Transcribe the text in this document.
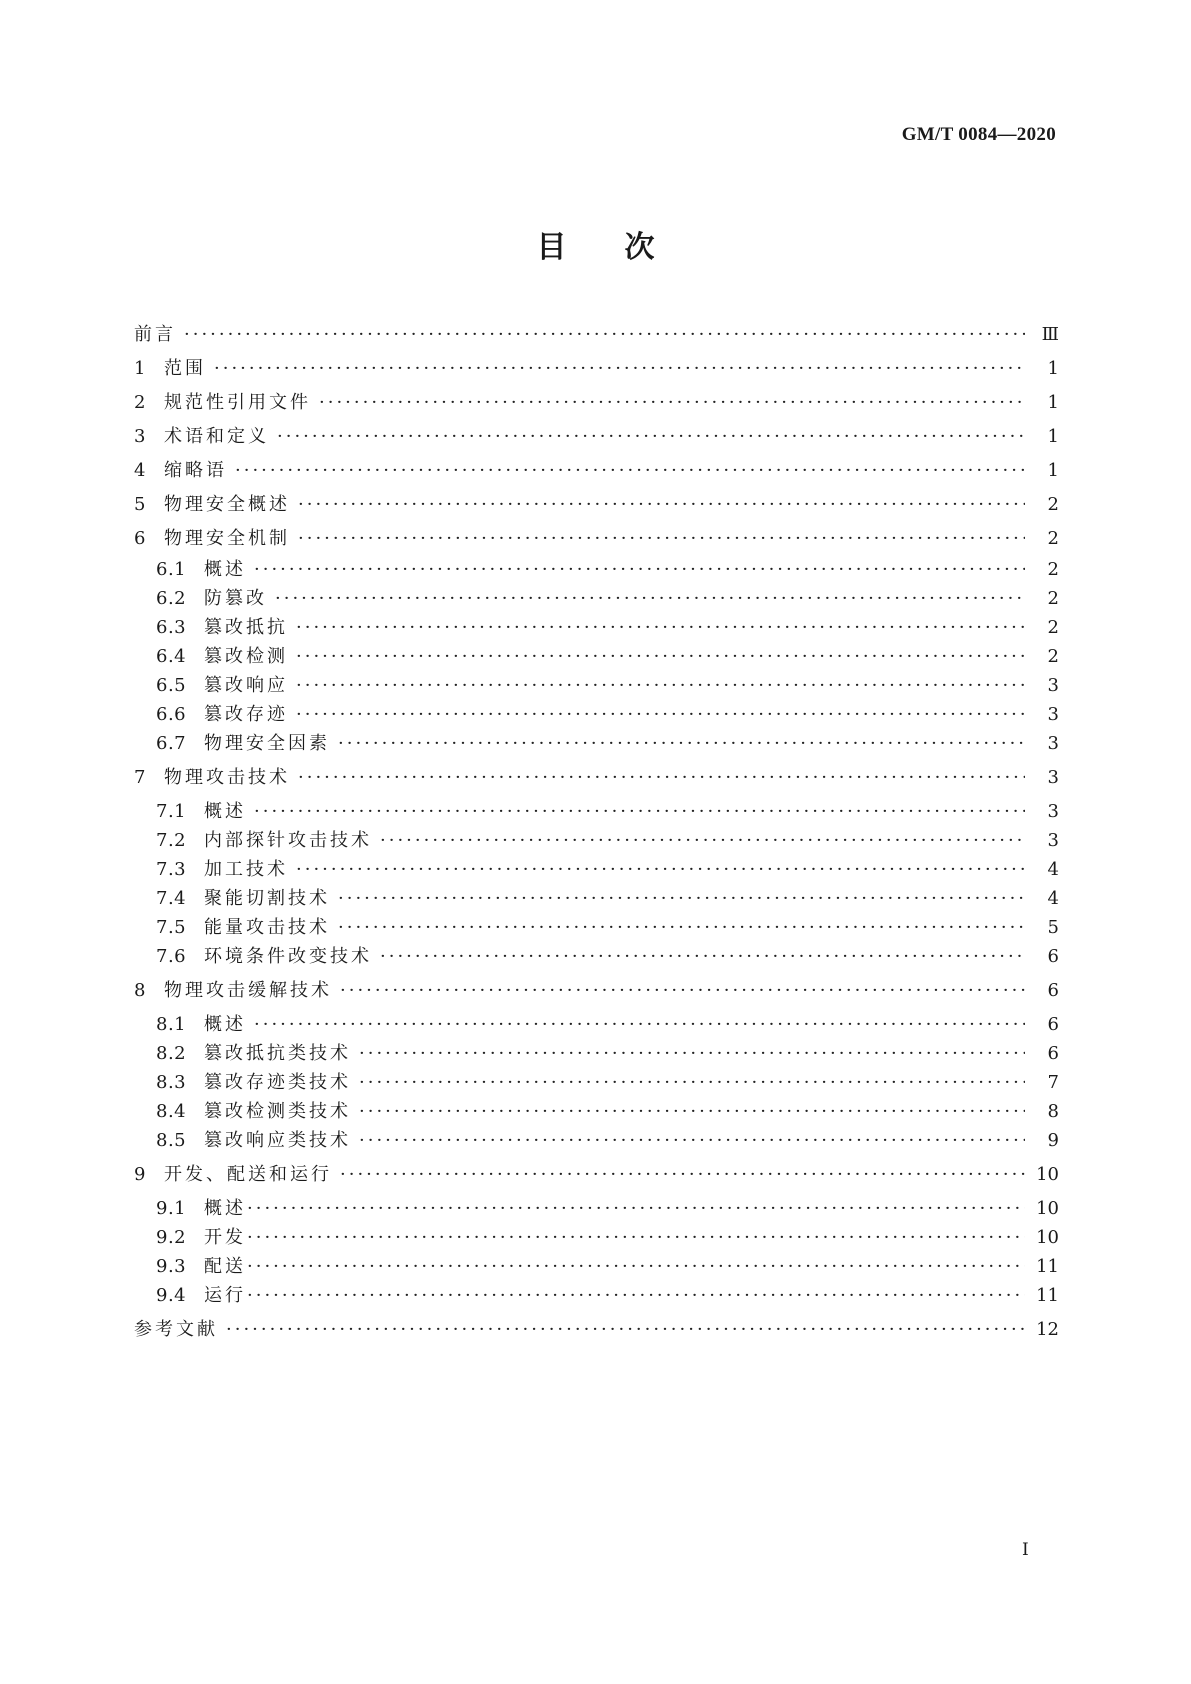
GM/T 0084—2020
目次
前言 ·····	Ⅲ
1	范围 ·····	1
2	规范性引用文件 ·····	1
3	术语和定义 ·····	1
4	缩略语 ·····	1
5	物理安全概述 ·····	2
6	物理安全机制 ·····	2
6.1 概述 ·····	2
6.2 防篡改 ·····	2
6.3 篡改抵抗 ·····	2
6.4 篡改检测 ·····	2
6.5 篡改响应 ·····	3
6.6 篡改存迹 ·····	3
6.7 物理安全因素 ·····	3
7	物理攻击技术 ·····	3
7.1 概述 ·····	3
7.2 内部探针攻击技术 ·····	3
7.3 加工技术 ·····	4
7.4 聚能切割技术 ·····	4
7.5 能量攻击技术 ·····	5
7.6 环境条件改变技术 ·····	6
8	物理攻击缓解技术 ·····	6
8.1 概述 ·····	6
8.2 篡改抵抗类技术 ·····	6
8.3 篡改存迹类技术 ·····	7
8.4 篡改检测类技术 ·····	8
8.5 篡改响应类技术 ·····	9
9	开发、配送和运行 ·····	10
9.1 概述 ·····	10
9.2 开发 ·····	10
9.3 配送 ·····	11
9.4 运行 ·····	11
参考文献 ·····	12
I
